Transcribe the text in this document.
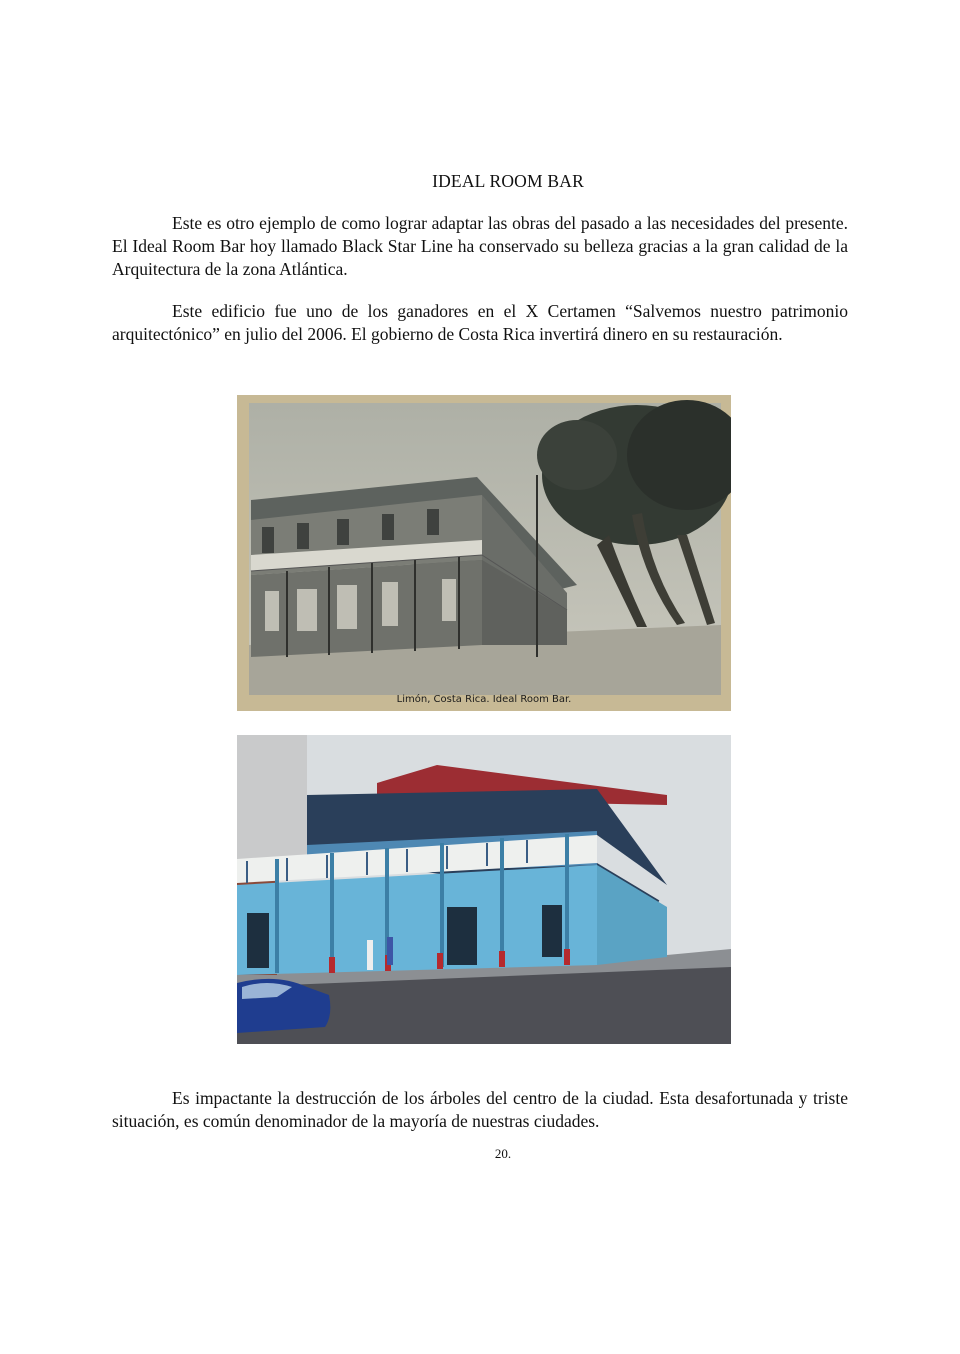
IDEAL ROOM BAR

Este es otro ejemplo de como lograr adaptar las obras del pasado a las necesidades del presente. El Ideal Room Bar hoy llamado Black Star Line ha conservado su belleza gracias a la gran calidad de la Arquitectura de la zona Atlántica.

Este edificio fue uno de los ganadores en el X Certamen “Salvemos nuestro patrimonio arquitectónico” en julio del 2006. El gobierno de Costa Rica invertirá dinero en su restauración.

Limón, Costa Rica. Ideal Room Bar.

Es impactante la destrucción de los árboles del centro de la ciudad. Esta desafortunada y triste situación, es común denominador de la mayoría de nuestras ciudades.

20.
